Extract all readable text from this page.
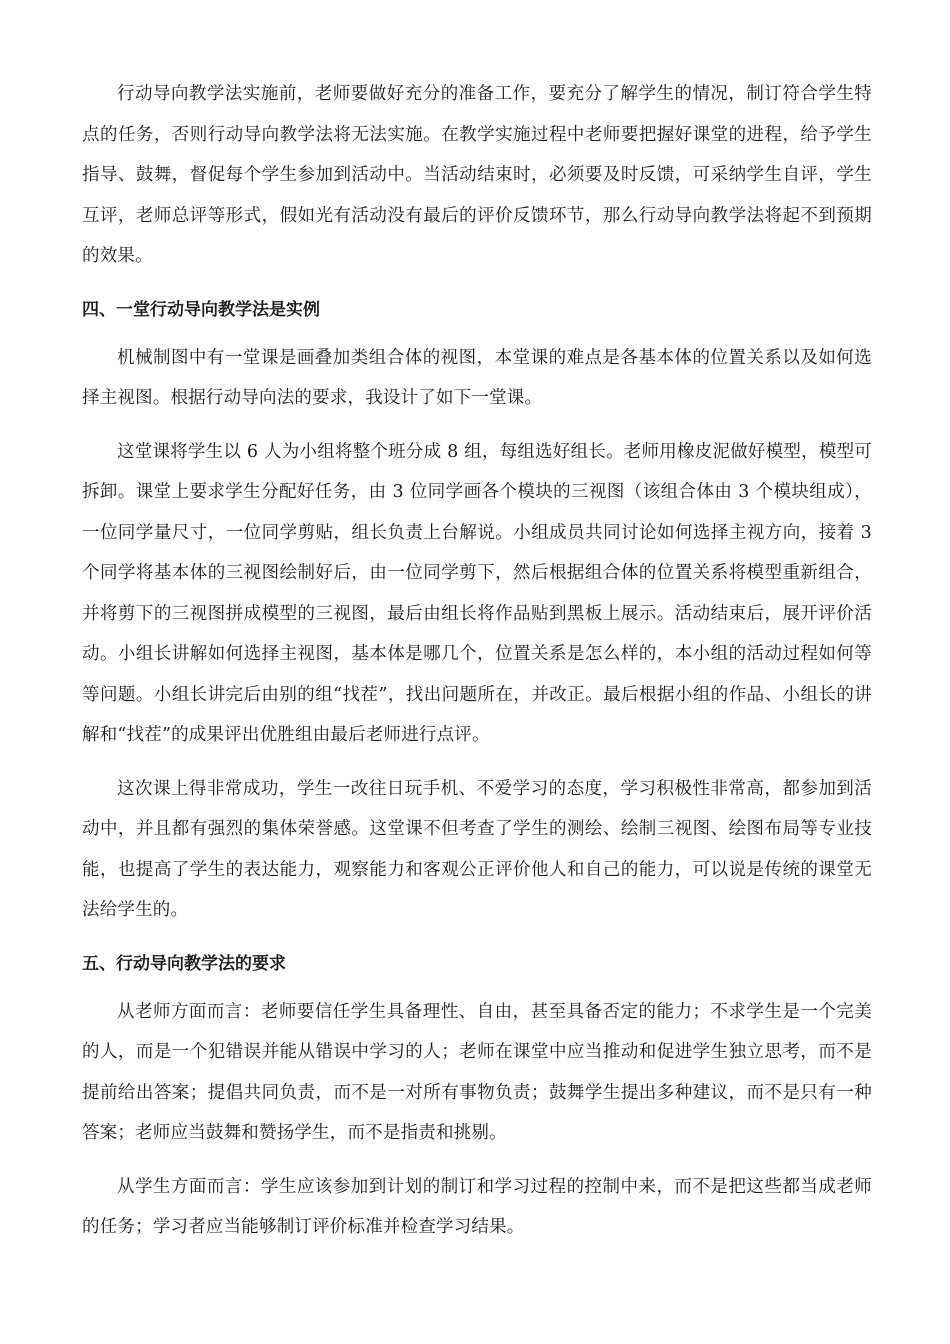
行动导向教学法实施前，老师要做好充分的准备工作，要充分了解学生的情况，制订符合学生特点的任务，否则行动导向教学法将无法实施。在教学实施过程中老师要把握好课堂的进程，给予学生指导、鼓舞，督促每个学生参加到活动中。当活动结束时，必须要及时反馈，可采纳学生自评，学生互评，老师总评等形式，假如光有活动没有最后的评价反馈环节，那么行动导向教学法将起不到预期的效果。

四、一堂行动导向教学法是实例

机械制图中有一堂课是画叠加类组合体的视图，本堂课的难点是各基本体的位置关系以及如何选择主视图。根据行动导向法的要求，我设计了如下一堂课。

这堂课将学生以 6 人为小组将整个班分成 8 组，每组选好组长。老师用橡皮泥做好模型，模型可拆卸。课堂上要求学生分配好任务，由 3 位同学画各个模块的三视图（该组合体由 3 个模块组成），一位同学量尺寸，一位同学剪贴，组长负责上台解说。小组成员共同讨论如何选择主视方向，接着 3 个同学将基本体的三视图绘制好后，由一位同学剪下，然后根据组合体的位置关系将模型重新组合，并将剪下的三视图拼成模型的三视图，最后由组长将作品贴到黑板上展示。活动结束后，展开评价活动。小组长讲解如何选择主视图，基本体是哪几个，位置关系是怎么样的，本小组的活动过程如何等等问题。小组长讲完后由别的组“找茬”，找出问题所在，并改正。最后根据小组的作品、小组长的讲解和“找茬”的成果评出优胜组由最后老师进行点评。

这次课上得非常成功，学生一改往日玩手机、不爱学习的态度，学习积极性非常高，都参加到活动中，并且都有强烈的集体荣誉感。这堂课不但考查了学生的测绘、绘制三视图、绘图布局等专业技能，也提高了学生的表达能力，观察能力和客观公正评价他人和自己的能力，可以说是传统的课堂无法给学生的。

五、行动导向教学法的要求

从老师方面而言：老师要信任学生具备理性、自由，甚至具备否定的能力；不求学生是一个完美的人，而是一个犯错误并能从错误中学习的人；老师在课堂中应当推动和促进学生独立思考，而不是提前给出答案；提倡共同负责，而不是一对所有事物负责；鼓舞学生提出多种建议，而不是只有一种答案；老师应当鼓舞和赞扬学生，而不是指责和挑剔。

从学生方面而言：学生应该参加到计划的制订和学习过程的控制中来，而不是把这些都当成老师的任务；学习者应当能够制订评价标准并检查学习结果。
